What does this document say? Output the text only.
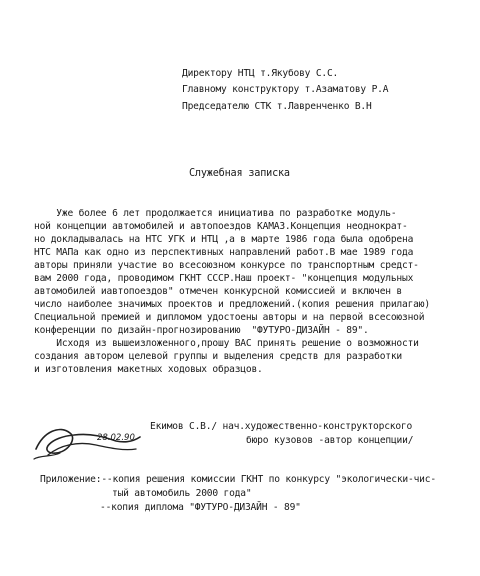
Директору НТЦ т.Якубову С.С.
Главному конструктору т.Азаматову Р.А
Председателю СТК т.Лавренченко В.Н
Служебная записка
Уже более 6 лет продолжается инициатива по разработке модуль-
ной концепции автомобилей и автопоездов КАМАЗ.Концепция неоднократ-
но докладывалась на НТС УГК и НТЦ ,а в марте 1986 года была одобрена
НТС МАПа как одно из перспективных направлений работ.В мае 1989 года
авторы приняли участие во всесоюзном конкурсе по транспортным средст-
вам 2000 года, проводимом ГКНТ СССР.Наш проект- "концепция модульных
автомобилей иавтопоездов" отмечен конкурсной комиссией и включен в
число наиболее значимых проектов и предложений.(копия решения прилагаю)
Специальной премией и дипломом удостоены авторы и на первой всесоюзной
конференции по дизайн-прогнозированию  "ФУТУРО-ДИЗАЙН - 89".
Исходя из вышеизложенного,прошу ВАС принять решение о возможности
создания автором целевой группы и выделения средств для разработки
и изготовления макетных ходовых образцов.
28.02.90
Екимов С.В./ нач.художественно-конструкторского
бюро кузовов -автор концепции/
Приложение:--копия решения комиссии ГКНТ по конкурсу "экологически-чис-
тый автомобиль 2000 года"
--копия диплома "ФУТУРО-ДИЗАЙН - 89"
